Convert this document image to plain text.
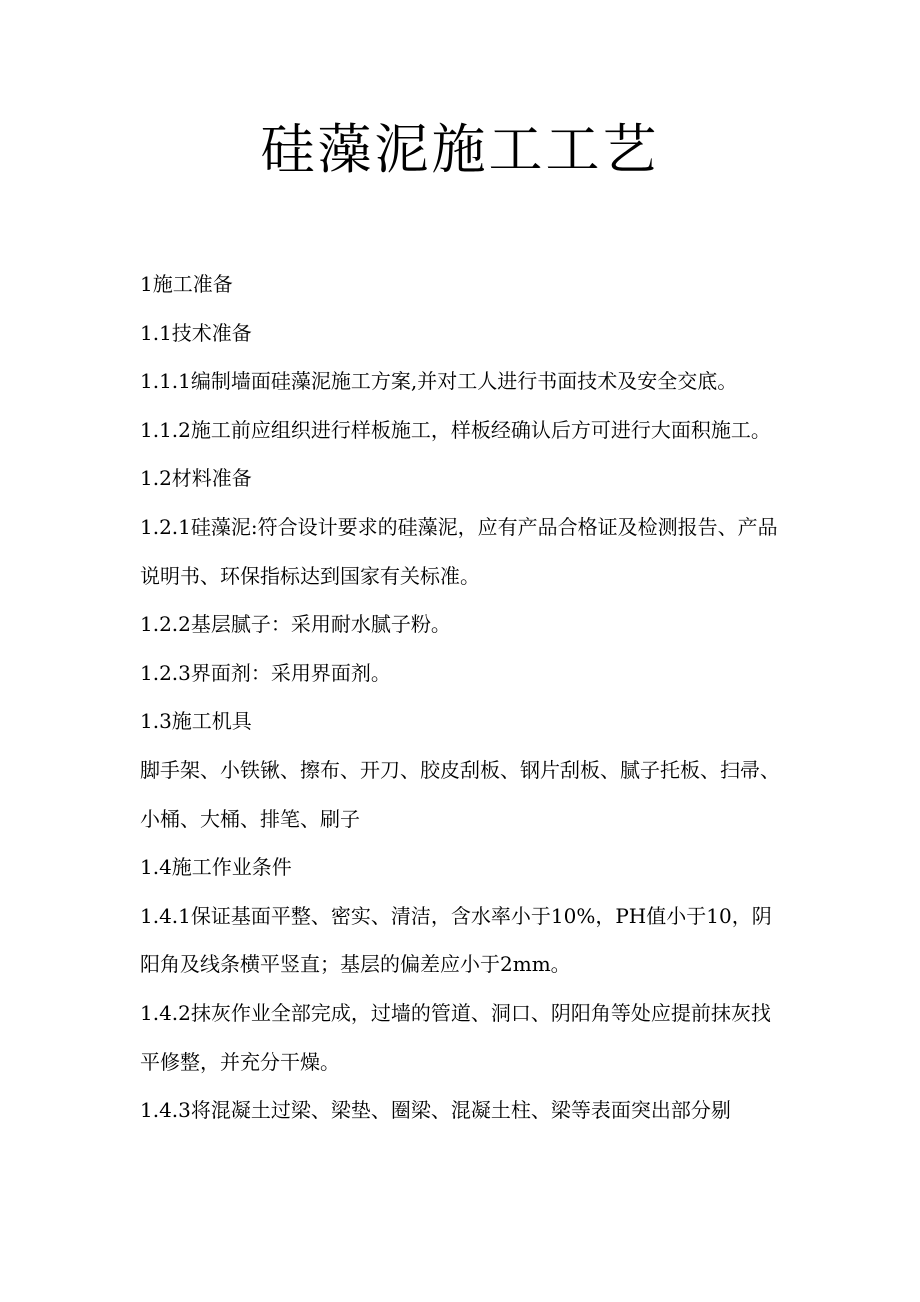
硅藻泥施工工艺

1施工准备

1.1技术准备

1.1.1编制墙面硅藻泥施工方案,并对工人进行书面技术及安全交底。

1.1.2施工前应组织进行样板施工，样板经确认后方可进行大面积施工。

1.2材料准备

1.2.1硅藻泥:符合设计要求的硅藻泥，应有产品合格证及检测报告、产品说明书、环保指标达到国家有关标准。

1.2.2基层腻子：采用耐水腻子粉。

1.2.3界面剂：采用界面剂。

1.3施工机具

脚手架、小铁锹、擦布、开刀、胶皮刮板、钢片刮板、腻子托板、扫帚、小桶、大桶、排笔、刷子

1.4施工作业条件

1.4.1保证基面平整、密实、清洁，含水率小于10%，PH值小于10，阴阳角及线条横平竖直；基层的偏差应小于2mm。

1.4.2抹灰作业全部完成，过墙的管道、洞口、阴阳角等处应提前抹灰找平修整，并充分干燥。

1.4.3将混凝土过梁、梁垫、圈梁、混凝土柱、梁等表面突出部分剔
